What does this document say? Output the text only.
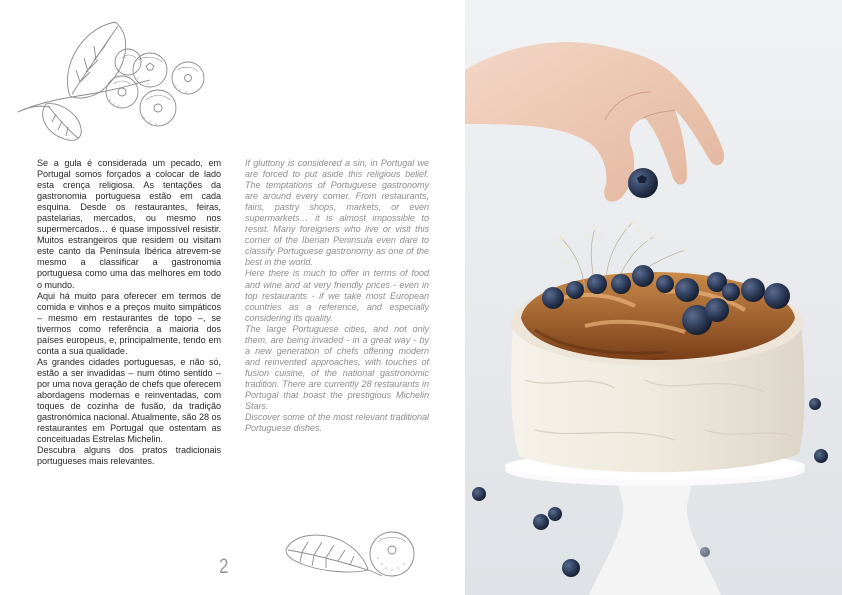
Se a gula é considerada um pecado, em Portugal somos forçados a colocar de lado esta crença religiosa. As tentações da gastronomia portuguesa estão em cada esquina. Desde os restaurantes, feiras, pastelarias, mercados, ou mesmo nos supermercados… é quase impossível resistir. Muitos estrangeiros que residem ou visitam este canto da Península Ibérica atrevem-se mesmo a classificar a gastronomia portuguesa como uma das melhores em todo o mundo.

Aqui há muito para oferecer em termos de comida e vinhos e a preços muito simpáticos – mesmo em restaurantes de topo –, se tivermos como referência a maioria dos países europeus, e, principalmente, tendo em conta a sua qualidade.

As grandes cidades portuguesas, e não só, estão a ser invadidas – num ótimo sentido – por uma nova geração de chefs que oferecem abordagens modernas e reinventadas, com toques de cozinha de fusão, da tradição gastronómica nacional. Atualmente, são 28 os restaurantes em Portugal que ostentam as conceituadas Estrelas Michelin.

Descubra alguns dos pratos tradicionais portugueses mais relevantes.

If gluttony is considered a sin, in Portugal we are forced to put aside this religious belief. The temptations of Portuguese gastronomy are around every corner. From restaurants, fairs, pastry shops, markets, or even supermarkets… it is almost impossible to resist. Many foreigners who live or visit this corner of the Iberian Peninsula even dare to classify Portuguese gastronomy as one of the best in the world.

Here there is much to offer in terms of food and wine and at very friendly prices - even in top restaurants - if we take most European countries as a reference, and especially considering its quality.

The large Portuguese cities, and not only them, are being invaded - in a great way - by a new generation of chefs offering modern and reinvented approaches, with touches of fusion cuisine, of the national gastronomic tradition. There are currently 28 restaurants in Portugal that boast the prestigious Michelin Stars.

Discover some of the most relevant traditional Portuguese dishes.

2
